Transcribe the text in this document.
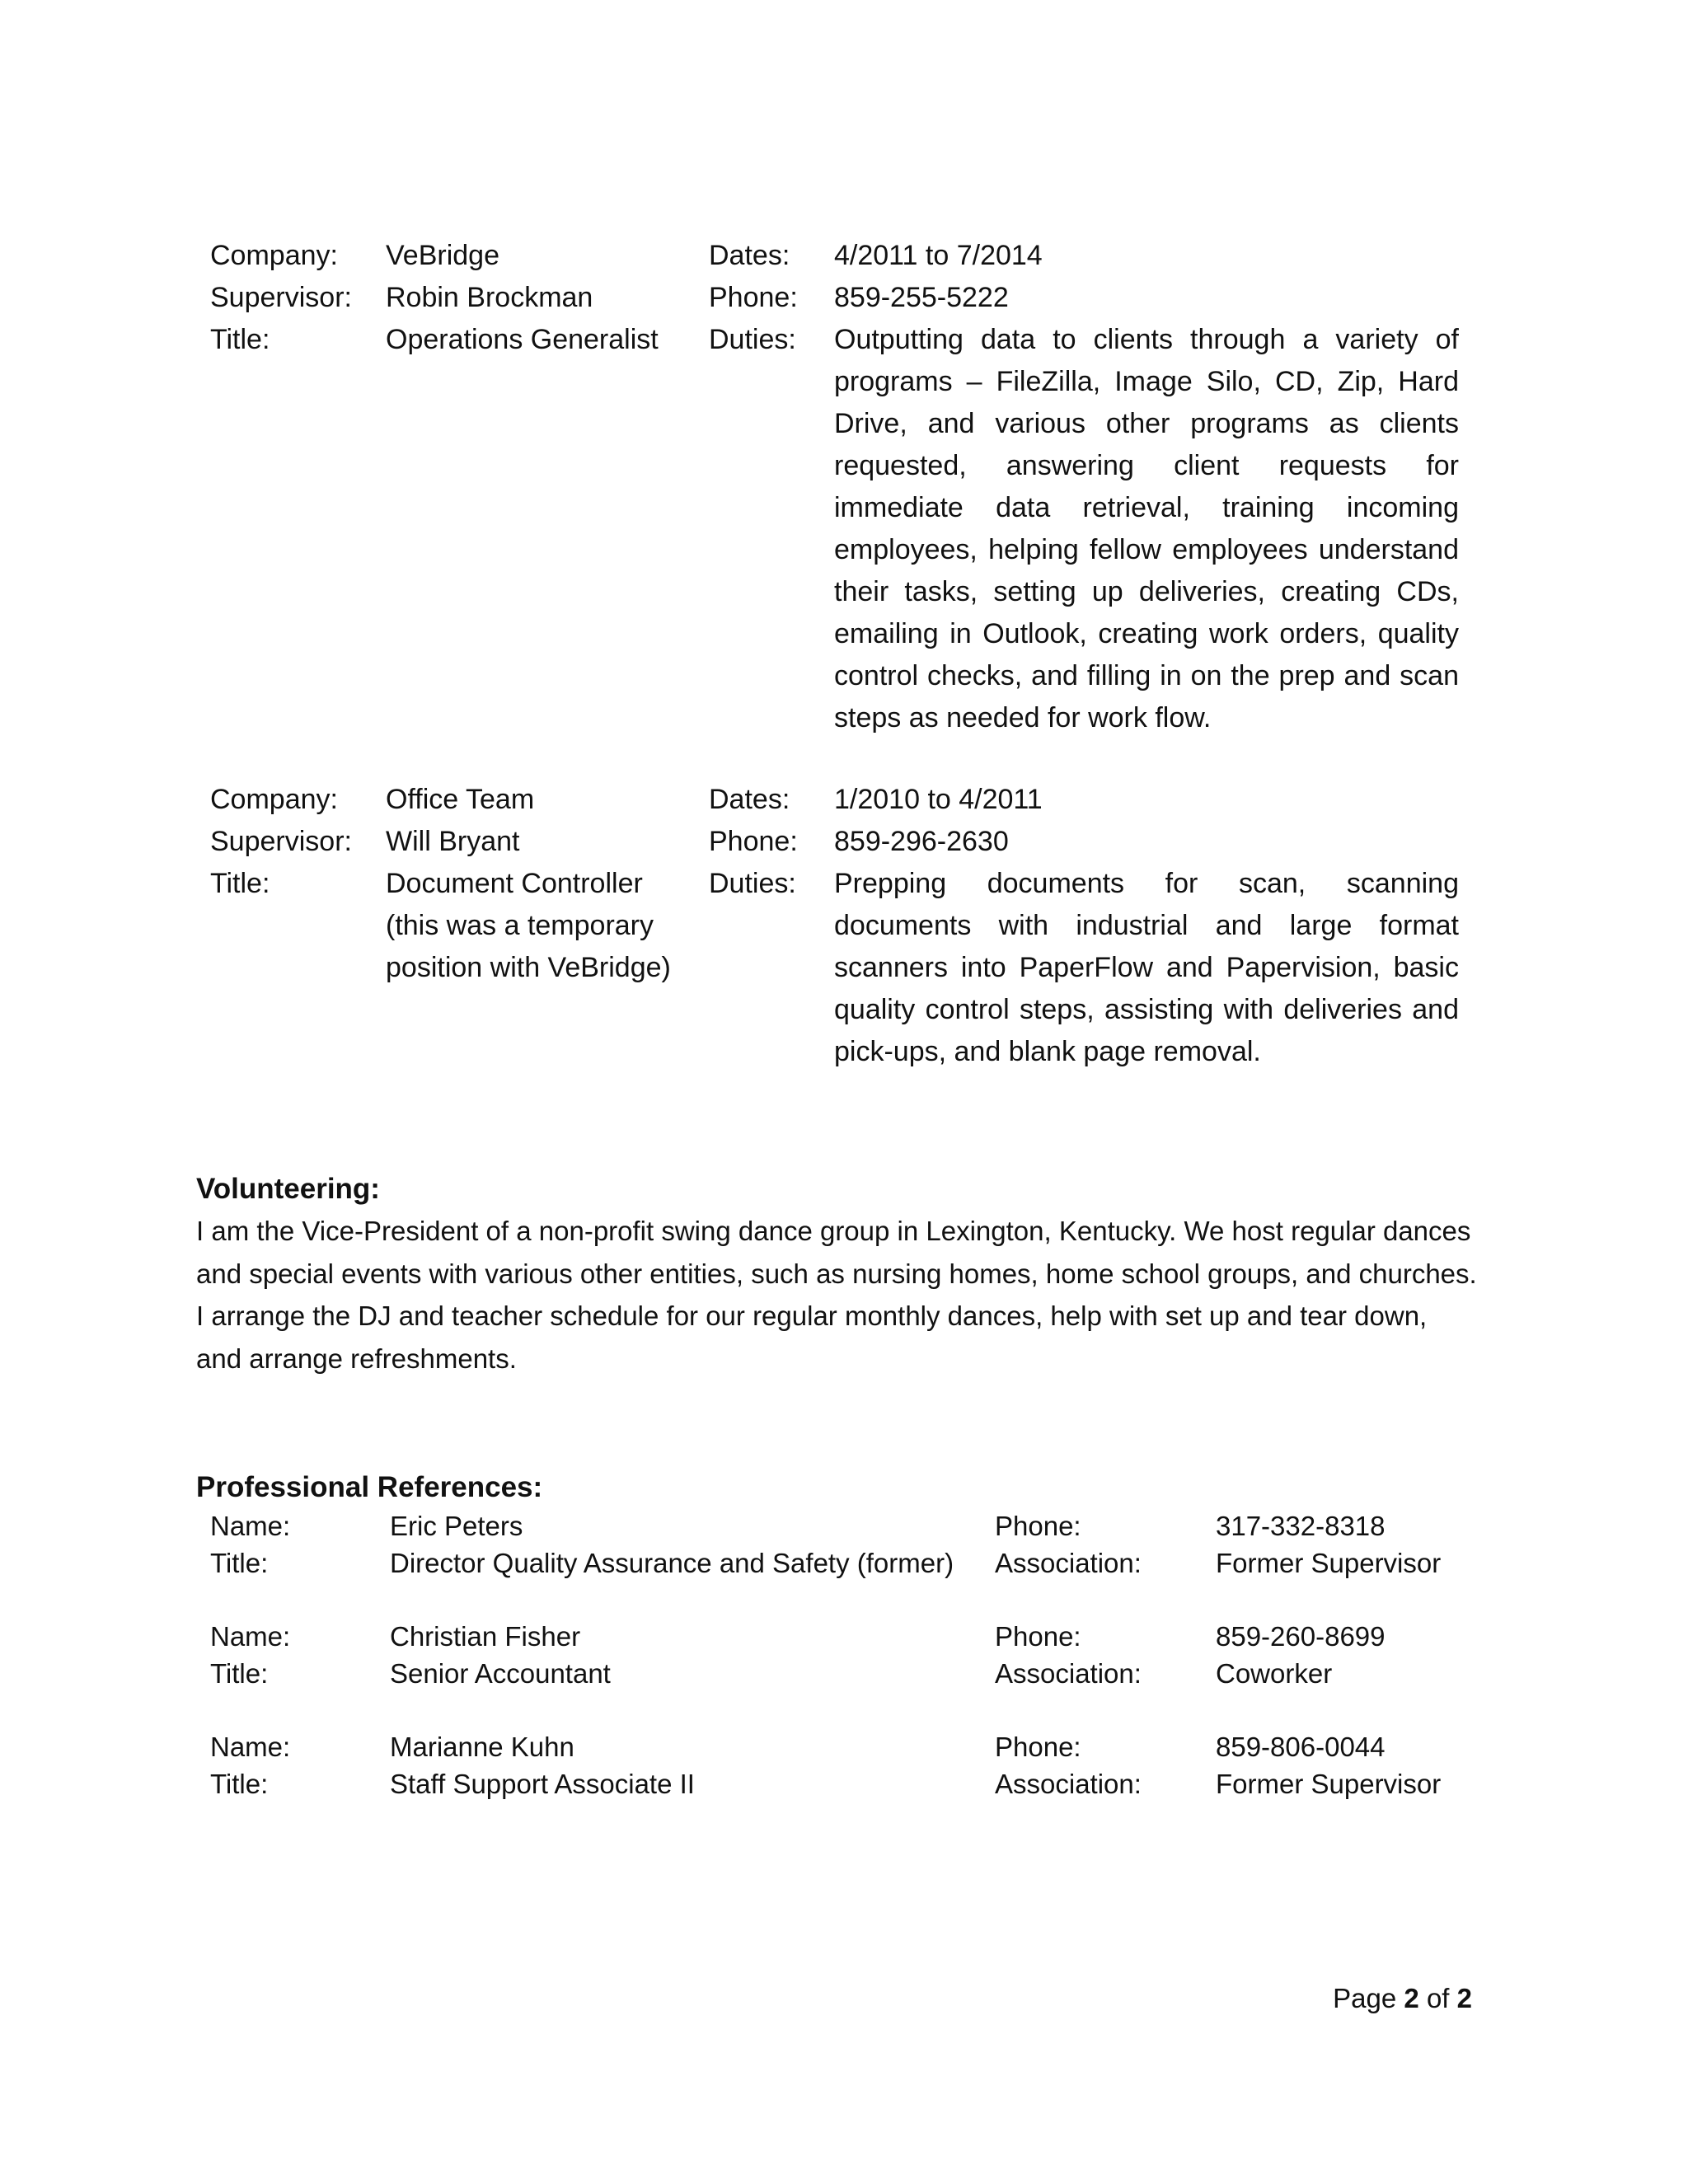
Company: VeBridge	Dates: 4/2011 to 7/2014
Supervisor: Robin Brockman	Phone: 859-255-5222
Title:	Operations Generalist	Duties: Outputting data to clients through a variety of programs – FileZilla, Image Silo, CD, Zip, Hard Drive, and various other programs as clients requested, answering client requests for immediate data retrieval, training incoming employees, helping fellow employees understand their tasks, setting up deliveries, creating CDs, emailing in Outlook, creating work orders, quality control checks, and filling in on the prep and scan steps as needed for work flow.
Company: Office Team	Dates: 1/2010 to 4/2011
Supervisor: Will Bryant	Phone: 859-296-2630
Title:	Document Controller (this was a temporary position with VeBridge)
Duties: Prepping documents for scan, scanning documents with industrial and large format scanners into PaperFlow and Papervision, basic quality control steps, assisting with deliveries and pick-ups, and blank page removal.
Volunteering:
I am the Vice-President of a non-profit swing dance group in Lexington, Kentucky. We host regular dances and special events with various other entities, such as nursing homes, home school groups, and churches. I arrange the DJ and teacher schedule for our regular monthly dances, help with set up and tear down, and arrange refreshments.
Professional References:
Name:	Eric Peters	Phone:	317-332-8318
Title:	Director Quality Assurance and Safety (former) Association:	Former Supervisor
Name:	Christian Fisher	Phone:	859-260-8699
Title:	Senior Accountant	Association:	Coworker
Name:	Marianne Kuhn	Phone:	859-806-0044
Title:	Staff Support Associate II	Association:	Former Supervisor
Page 2 of 2
